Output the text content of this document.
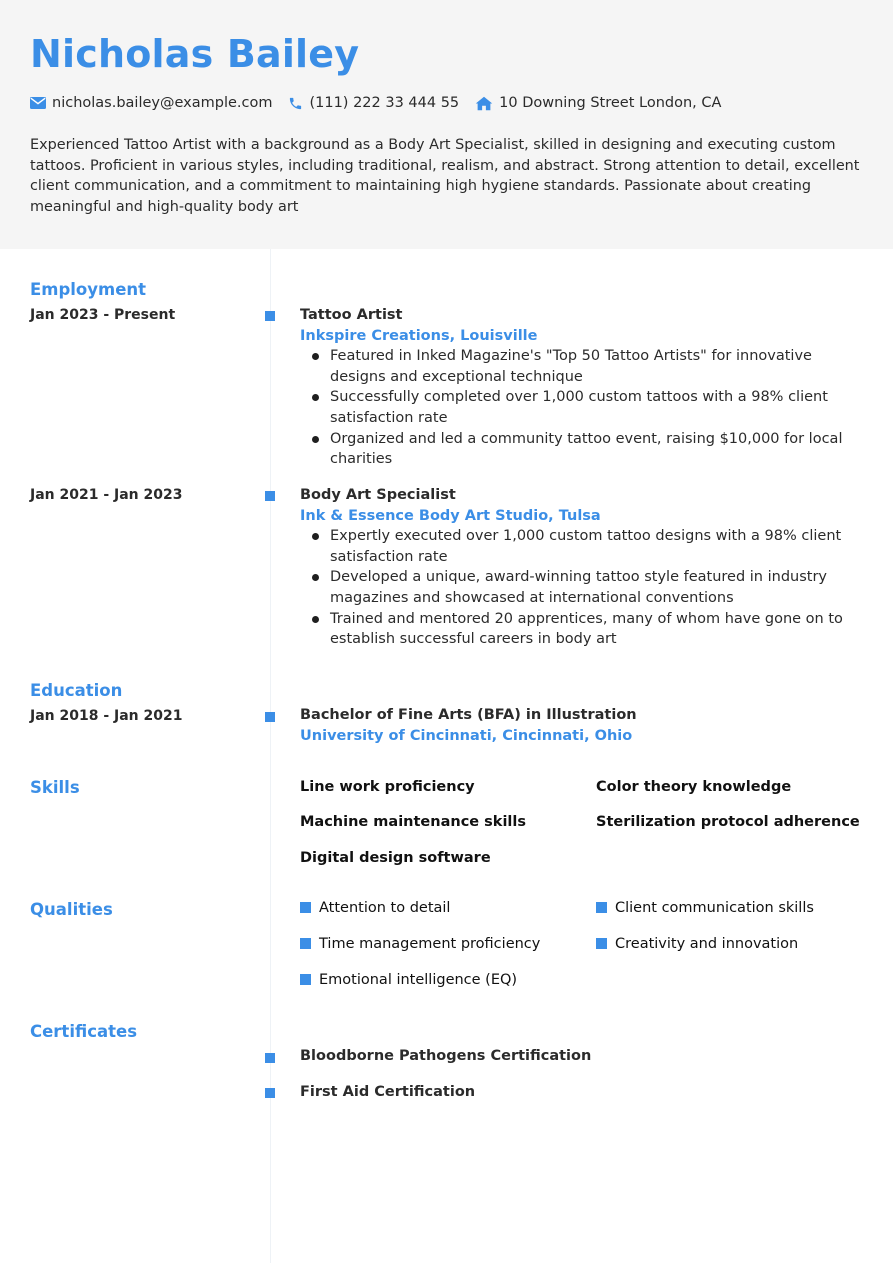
Nicholas Bailey
nicholas.bailey@example.com	(111) 222 33 444 55	10 Downing Street London, CA

Experienced Tattoo Artist with a background as a Body Art Specialist, skilled in designing and executing custom tattoos. Proficient in various styles, including traditional, realism, and abstract. Strong attention to detail, excellent client communication, and a commitment to maintaining high hygiene standards. Passionate about creating meaningful and high-quality body art

Employment
Jan 2023 - Present	Tattoo Artist
Inkspire Creations, Louisville
Featured in Inked Magazine's "Top 50 Tattoo Artists" for innovative designs and exceptional technique
Successfully completed over 1,000 custom tattoos with a 98% client satisfaction rate
Organized and led a community tattoo event, raising $10,000 for local charities
Jan 2021 - Jan 2023	Body Art Specialist
Ink & Essence Body Art Studio, Tulsa
Expertly executed over 1,000 custom tattoo designs with a 98% client satisfaction rate
Developed a unique, award-winning tattoo style featured in industry magazines and showcased at international conventions
Trained and mentored 20 apprentices, many of whom have gone on to establish successful careers in body art
Education
Jan 2018 - Jan 2021	Bachelor of Fine Arts (BFA) in Illustration
University of Cincinnati, Cincinnati, Ohio
Skills	Line work proficiency	Color theory knowledge
Machine maintenance skills	Sterilization protocol adherence
Digital design software
Qualities	Attention to detail	Client communication skills
Time management proficiency	Creativity and innovation
Emotional intelligence (EQ)
Certificates
Bloodborne Pathogens Certification
First Aid Certification
